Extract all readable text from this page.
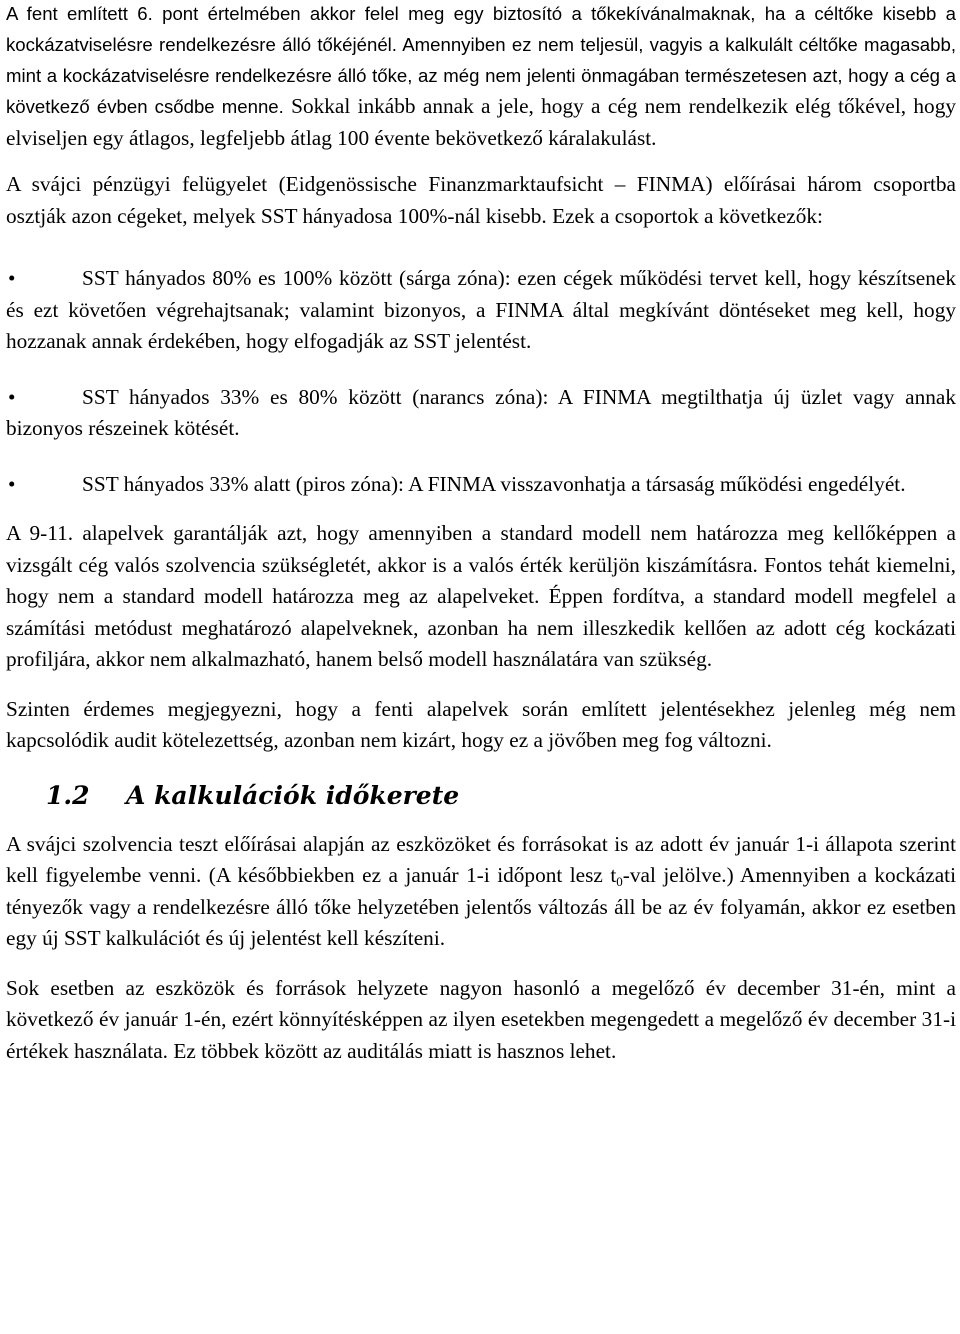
A fent említett 6. pont értelmében akkor felel meg egy biztosító a tőkekívánalmaknak, ha a céltőke kisebb a kockázatviselésre rendelkezésre álló tőkéjénél. Amennyiben ez nem teljesül, vagyis a kalkulált céltőke magasabb, mint a kockázatviselésre rendelkezésre álló tőke, az még nem jelenti önmagában természetesen azt, hogy a cég a következő évben csődbe menne. Sokkal inkább annak a jele, hogy a cég nem rendelkezik elég tőkével, hogy elviseljen egy átlagos, legfeljebb átlag 100 évente bekövetkező káralakulást.

A svájci pénzügyi felügyelet (Eidgenössische Finanzmarktaufsicht – FINMA) előírásai három csoportba osztják azon cégeket, melyek SST hányadosa 100%-nál kisebb. Ezek a csoportok a következők:

•	SST hányados 80% es 100% között (sárga zóna): ezen cégek működési tervet kell, hogy készítsenek és ezt követően végrehajtsanak; valamint bizonyos, a FINMA által megkívánt döntéseket meg kell, hogy hozzanak annak érdekében, hogy elfogadják az SST jelentést.

•	SST hányados 33% es 80% között (narancs zóna): A FINMA megtilthatja új üzlet vagy annak bizonyos részeinek kötését.

•	SST hányados 33% alatt (piros zóna): A FINMA visszavonhatja a társaság működési engedélyét.

A 9-11. alapelvek garantálják azt, hogy amennyiben a standard modell nem határozza meg kellőképpen a vizsgált cég valós szolvencia szükségletét, akkor is a valós érték kerüljön kiszámításra. Fontos tehát kiemelni, hogy nem a standard modell határozza meg az alapelveket. Éppen fordítva, a standard modell megfelel a számítási metódust meghatározó alapelveknek, azonban ha nem illeszkedik kellően az adott cég kockázati profiljára, akkor nem alkalmazható, hanem belső modell használatára van szükség.

Szinten érdemes megjegyezni, hogy a fenti alapelvek során említett jelentésekhez jelenleg még nem kapcsolódik audit kötelezettség, azonban nem kizárt, hogy ez a jövőben meg fog változni.

1.2 A kalkulációk időkerete

A svájci szolvencia teszt előírásai alapján az eszközöket és forrásokat is az adott év január 1-i állapota szerint kell figyelembe venni. (A későbbiekben ez a január 1-i időpont lesz $t_0$-val jelölve.) Amennyiben a kockázati tényezők vagy a rendelkezésre álló tőke helyzetében jelentős változás áll be az év folyamán, akkor ez esetben egy új SST kalkulációt és új jelentést kell készíteni.

Sok esetben az eszközök és források helyzete nagyon hasonló a megelőző év december 31-én, mint a következő év január 1-én, ezért könnyítésképpen az ilyen esetekben megengedett a megelőző év december 31-i értékek használata. Ez többek között az auditálás miatt is hasznos lehet.
